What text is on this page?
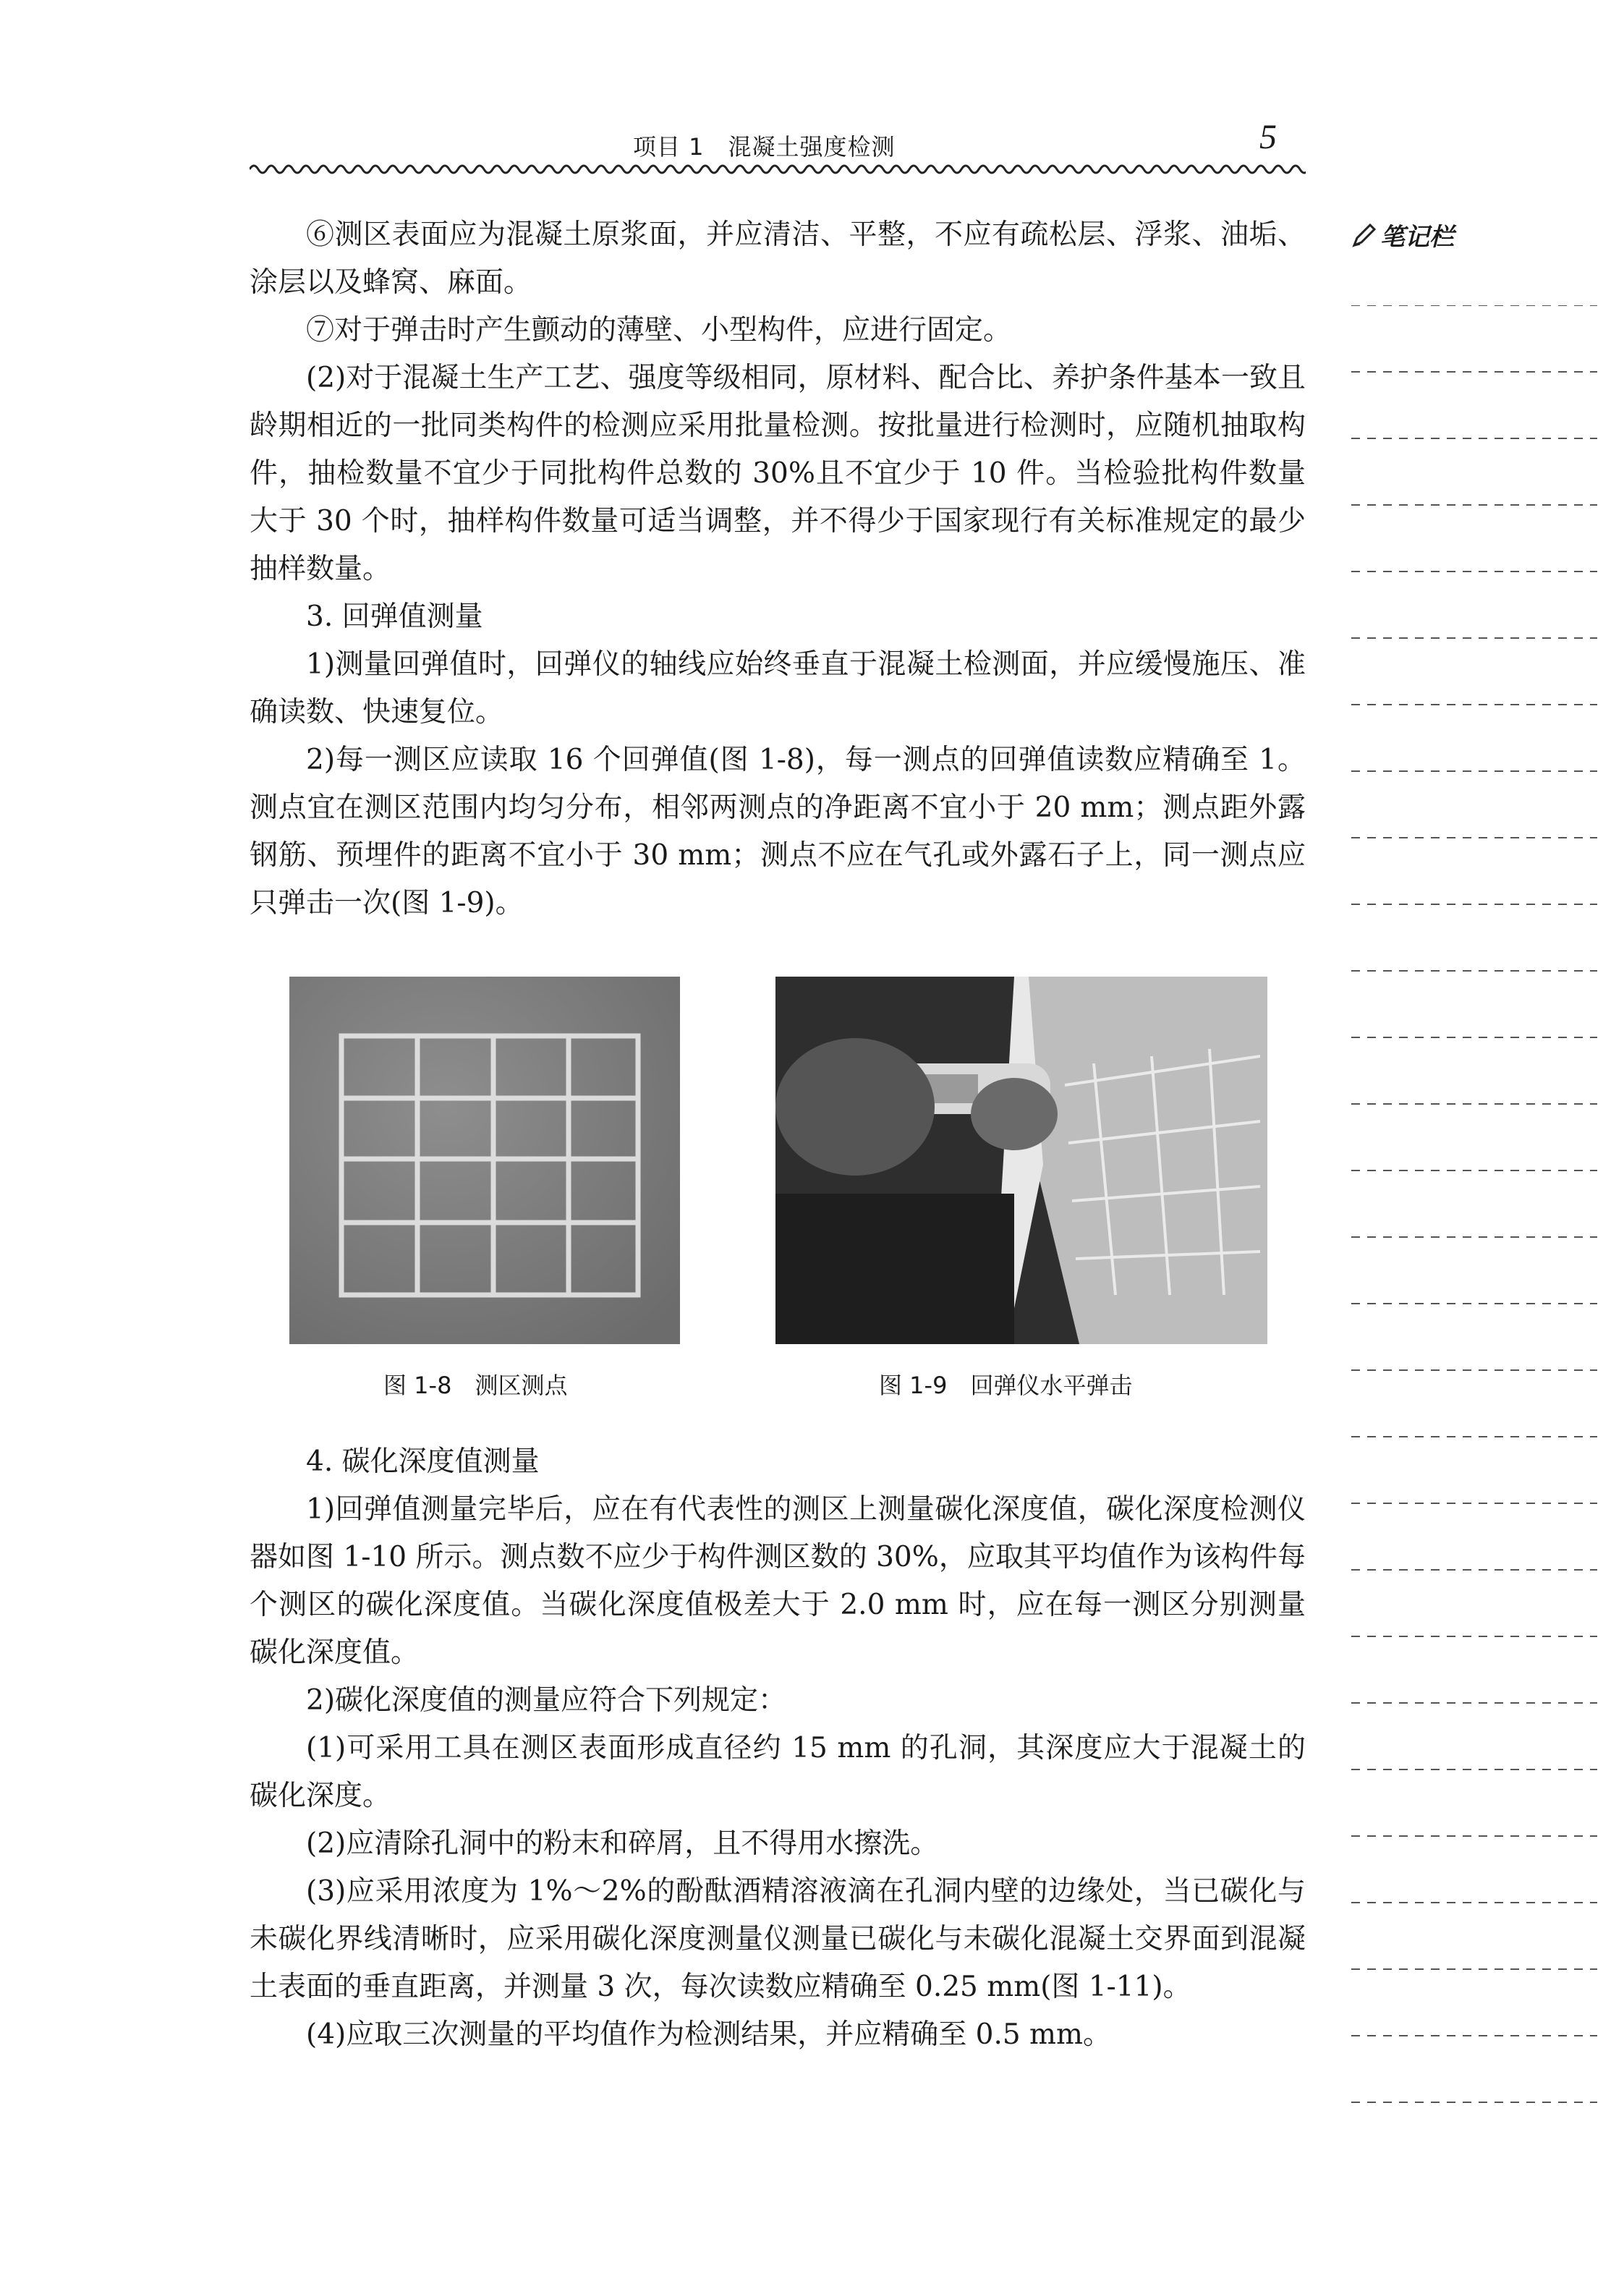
项目 1　混凝土强度检测	5
笔记栏

⑥测区表面应为混凝土原浆面，并应清洁、平整，不应有疏松层、浮浆、油垢、涂层以及蜂窝、麻面。

⑦对于弹击时产生颤动的薄壁、小型构件，应进行固定。

(2)对于混凝土生产工艺、强度等级相同，原材料、配合比、养护条件基本一致且龄期相近的一批同类构件的检测应采用批量检测。按批量进行检测时，应随机抽取构件，抽检数量不宜少于同批构件总数的 30%且不宜少于 10 件。当检验批构件数量大于 30 个时，抽样构件数量可适当调整，并不得少于国家现行有关标准规定的最少抽样数量。

3. 回弹值测量

1)测量回弹值时，回弹仪的轴线应始终垂直于混凝土检测面，并应缓慢施压、准确读数、快速复位。

2)每一测区应读取 16 个回弹值(图 1-8)，每一测点的回弹值读数应精确至 1。测点宜在测区范围内均匀分布，相邻两测点的净距离不宜小于 20 mm；测点距外露钢筋、预埋件的距离不宜小于 30 mm；测点不应在气孔或外露石子上，同一测点应只弹击一次(图 1-9)。

图 1-8　测区测点	图 1-9　回弹仪水平弹击

4. 碳化深度值测量

1)回弹值测量完毕后，应在有代表性的测区上测量碳化深度值，碳化深度检测仪器如图 1-10 所示。测点数不应少于构件测区数的 30%，应取其平均值作为该构件每个测区的碳化深度值。当碳化深度值极差大于 2.0 mm 时，应在每一测区分别测量碳化深度值。

2)碳化深度值的测量应符合下列规定：

(1)可采用工具在测区表面形成直径约 15 mm 的孔洞，其深度应大于混凝土的碳化深度。

(2)应清除孔洞中的粉末和碎屑，且不得用水擦洗。

(3)应采用浓度为 1%～2%的酚酞酒精溶液滴在孔洞内壁的边缘处，当已碳化与未碳化界线清晰时，应采用碳化深度测量仪测量已碳化与未碳化混凝土交界面到混凝土表面的垂直距离，并测量 3 次，每次读数应精确至 0.25 mm(图 1-11)。

(4)应取三次测量的平均值作为检测结果，并应精确至 0.5 mm。
